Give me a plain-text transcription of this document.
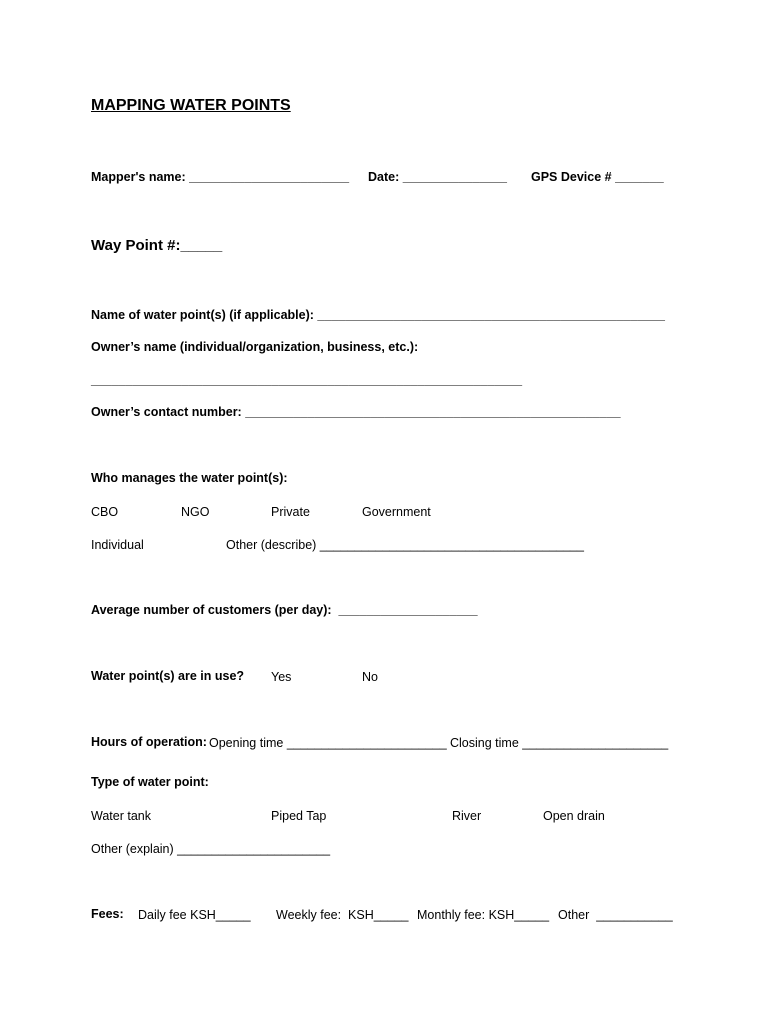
MAPPING WATER POINTS
Mapper's name: _______________________ Date: _______________ GPS Device # _______
Way Point #:_____
Name of water point(s) (if applicable): __________________________________________________
Owner’s name (individual/organization, business, etc.):
______________________________________________________________
Owner’s contact number: ______________________________________________________
Who manages the water point(s):
CBO	NGO	Private	Government
Individual	Other (describe) ______________________________________
Average number of customers (per day):  ____________________
Water point(s) are in use? Yes	No
Hours of operation: Opening time _______________________ Closing time _____________________
Type of water point:
Water tank	Piped Tap	River	Open drain
Other (explain) ______________________
Fees: Daily fee KSH_____ Weekly fee:  KSH_____ Monthly fee: KSH_____ Other  ___________
